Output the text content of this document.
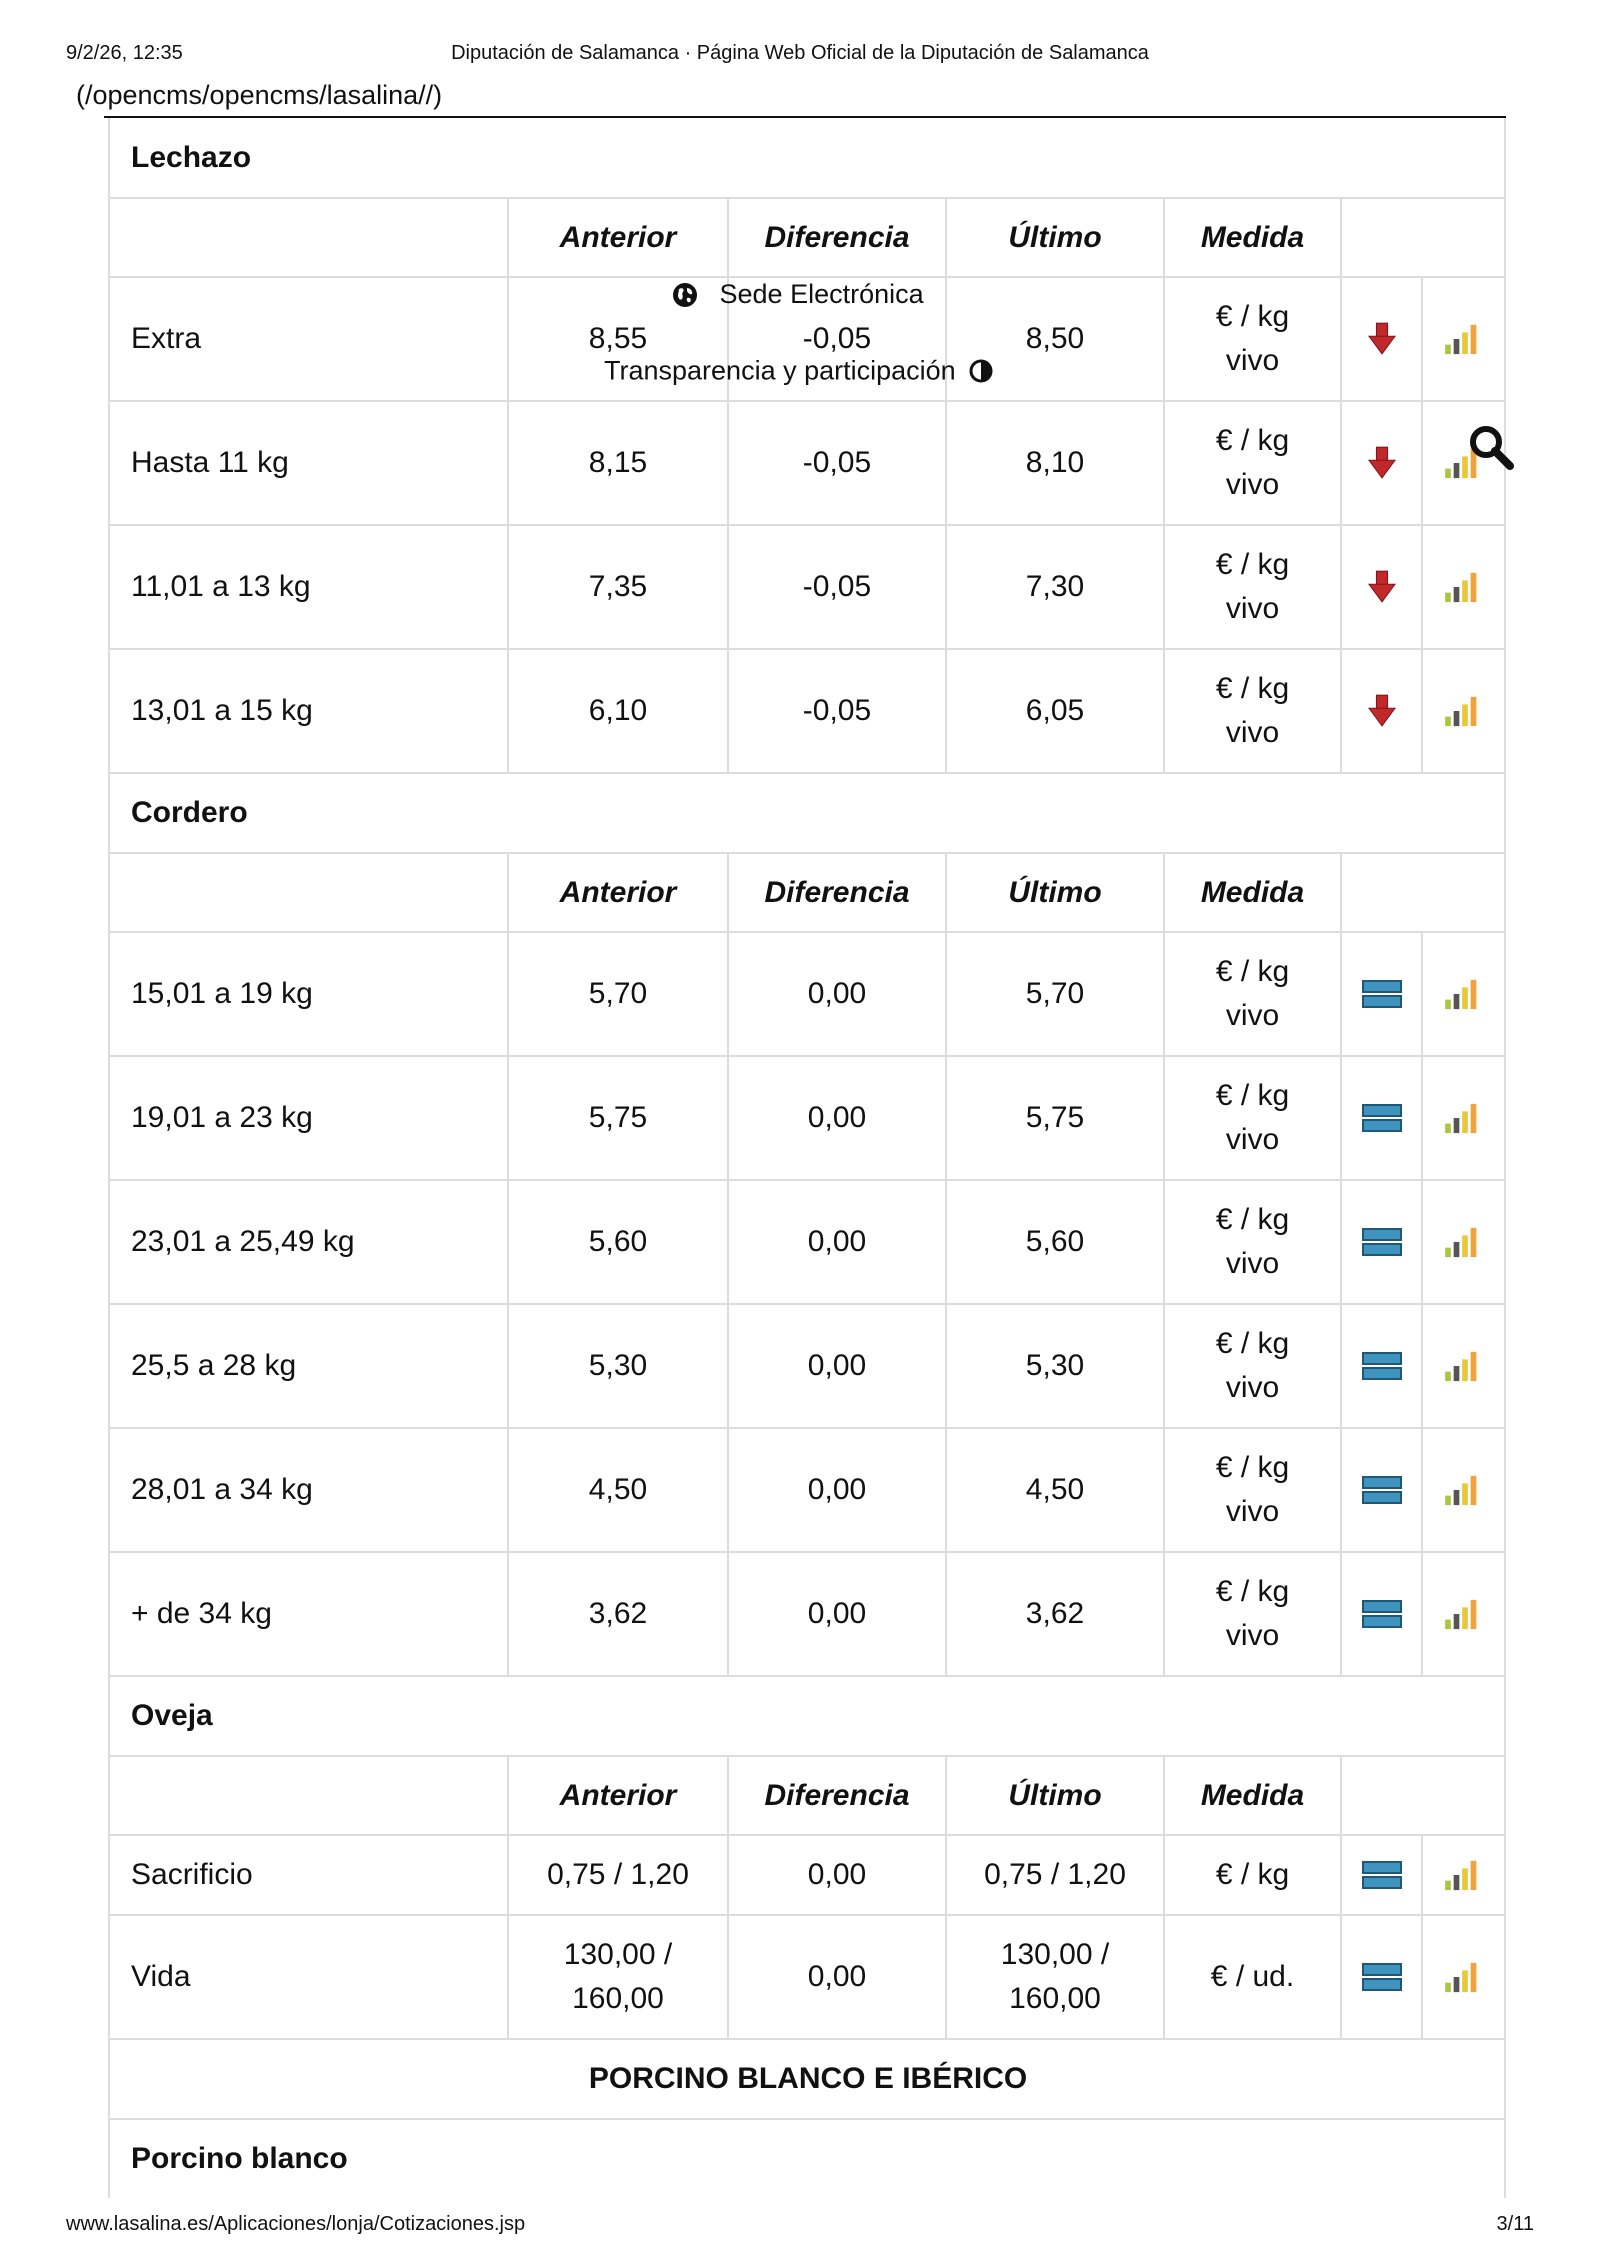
9/2/26, 12:35	Diputación de Salamanca · Página Web Oficial de la Diputación de Salamanca
(/opencms/opencms/lasalina//)
Lechazo						
	Anterior	Diferencia	Último	Medida		
Extra	8,55	-0,05	8,50	€ / kg
vivo	

Hasta 11 kg	8,15	-0,05	8,10	€ / kg
vivo	

11,01 a 13 kg	7,35	-0,05	7,30	€ / kg
vivo	

13,01 a 15 kg	6,10	-0,05	6,05	€ / kg
vivo	

Cordero						
	Anterior	Diferencia	Último	Medida		
15,01 a 19 kg	5,70	0,00	5,70	€ / kg
vivo	

19,01 a 23 kg	5,75	0,00	5,75	€ / kg
vivo	

23,01 a 25,49 kg	5,60	0,00	5,60	€ / kg
vivo	

25,5 a 28 kg	5,30	0,00	5,30	€ / kg
vivo	

28,01 a 34 kg	4,50	0,00	4,50	€ / kg
vivo	

+ de 34 kg	3,62	0,00	3,62	€ / kg
vivo	

Oveja						
	Anterior	Diferencia	Último	Medida		
Sacrificio	0,75 / 1,20	0,00	0,75 / 1,20	€ / kg	

Vida	130,00 /
160,00	0,00	130,00 /
160,00	€ / ud.	

PORCINO BLANCO E IBÉRICO						
Porcino blanco						
Sede Electrónica
Transparencia y participación
www.lasalina.es/Aplicaciones/lonja/Cotizaciones.jsp	3/11
